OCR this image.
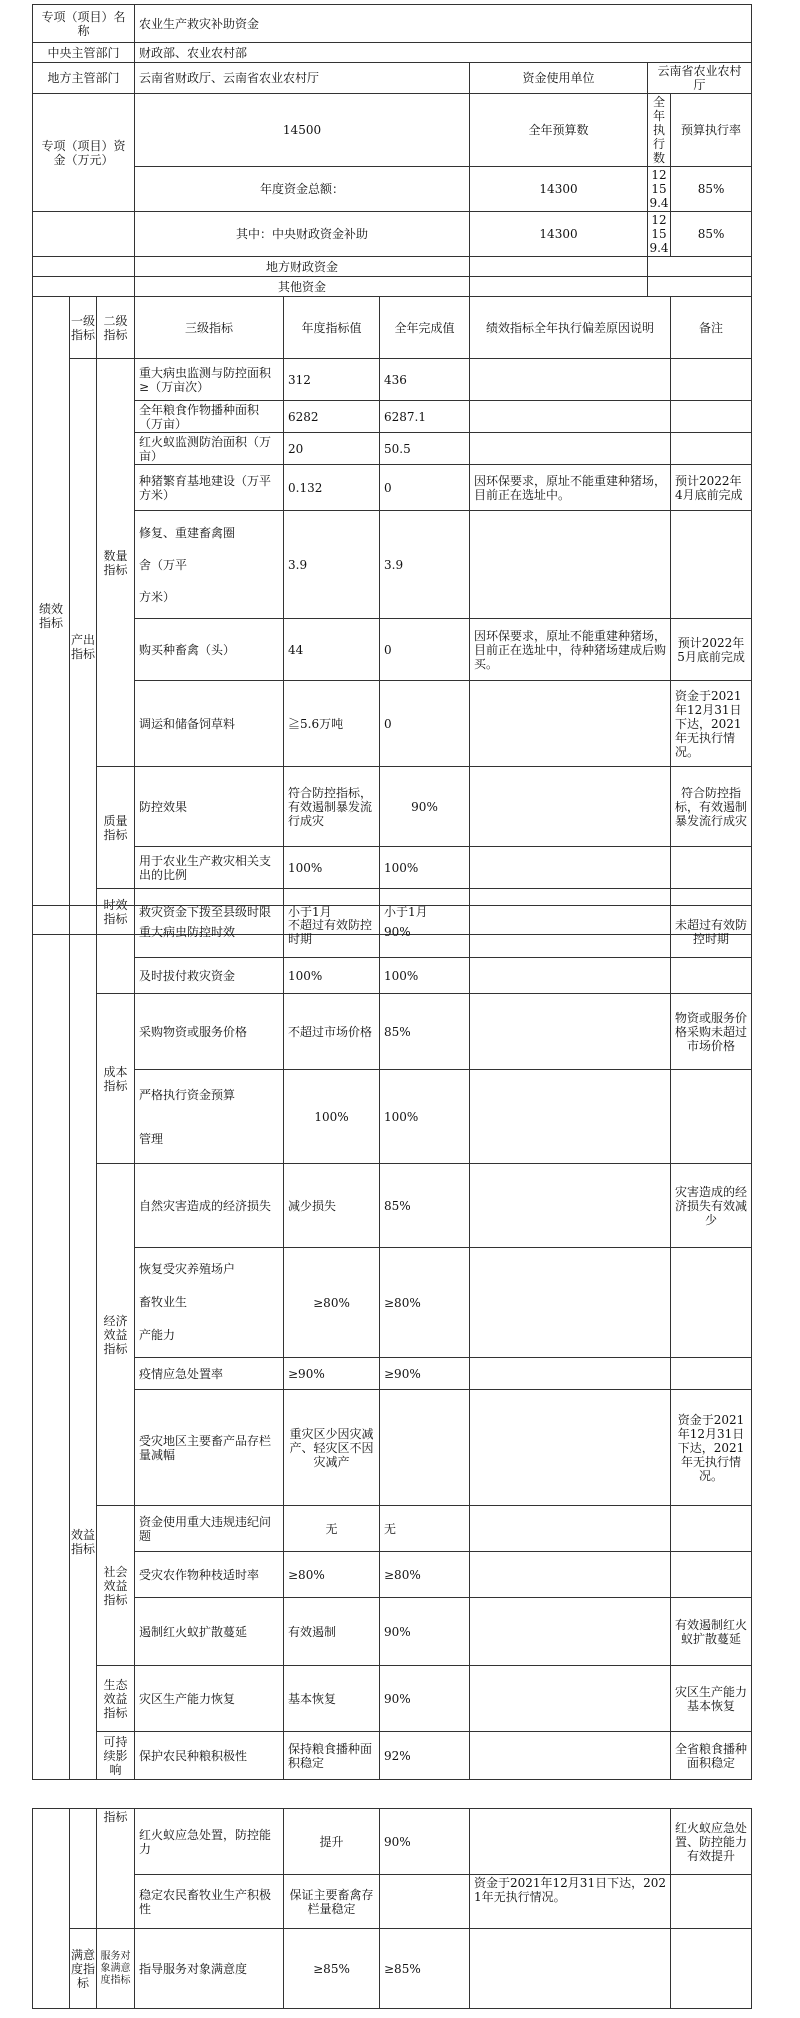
专项（项目）名称			农业生产救灾补助资金					
中央主管部门			财政部、农业农村部					
地方主管部门			云南省财政厅、云南省农业农村厅			资金使用单位	云南省农业农村厅	
专项（项目）资金（万元）			14500			全年预算数	全年执行数	预算执行率
			年度资金总额：			14300	12159.4	85%
			其中：中央财政资金补助			14300	12159.4	85%
			地方财政资金					
			其他资金					
绩效指标	一级指标	二级指标	三级指标	年度指标值	全年完成值	绩效指标全年执行偏差原因说明		备注
	产出指标	数量指标	重大病虫监测与防控面积≥（万亩次）	312	436			
			全年粮食作物播种面积（万亩）	6282	6287.1			
			红火蚁监测防治面积（万 亩）	20	50.5			
			种猪繁育基地建设（万平方米）	0.132	0	因环保要求，原址不能重建种猪场，目前正在选址中。		预计2022年4月底前完成
			修复、重建畜禽圈
舍（万平
方米）	3.9	3.9			
			购买种畜禽（头）	44	0	因环保要求，原址不能重建种猪场，目前正在选址中，待种猪场建成后购买。		预计2022年5月底前完成
			调运和储备饲草料	≧5.6万吨	0			资金于2021年12月31日下达，2021年无执行情况。
		质量指标	防控效果	符合防控指标，有效遏制暴发流行成灾	90%			符合防控指标，有效遏制暴发流行成灾
			用于农业生产救灾相关支出的比例	100%	100%			
		时效指标	救灾资金下拨至县级时限	小于1月	小于1月			
	效益指标		重大病虫防控时效	不超过有效防控时期	90%		未超过有效防控时期
			及时拔付救灾资金	100%	100%		
		成本指标	采购物资或服务价格	不超过市场价格	85%		物资或服务价格采购未超过市场价格
			严格执行资金预算
管理	100%	100%		
		经济效益指标	自然灾害造成的经济损失	减少损失	85%		灾害造成的经济损失有效减少
			恢复受灾养殖场户
畜牧业生
产能力	≥80%	≥80%		
			疫情应急处置率	≥90%	≥90%		
			受灾地区主要畜产品存栏量减幅	重灾区少因灾减产、轻灾区不因灾减产			资金于2021年12月31日下达，2021年无执行情况。
		社会效益指标	资金使用重大违规违纪问题	无	无		
			受灾农作物种枝适时率	≥80%	≥80%		
			遏制红火蚁扩散蔓延	有效遏制	90%		有效遏制红火蚁扩散蔓延
		生态效益指标	灾区生产能力恢复	基本恢复	90%		灾区生产能力基本恢复
		可持续影响	保护农民种粮积极性	保持粮食播种面积稳定	92%		全省粮食播种面积稳定
		指标	红火蚁应急处置，防控能力	提升	90%		红火蚁应急处置、防控能力有效提升
			稳定农民畜牧业生产积极性	保证主要畜禽存栏量稳定		资金于2021年12月31日下达，2021年无执行情况。	
	满意度指标	服务对象满意度指标	指导服务对象满意度	≥85%	≥85%		
